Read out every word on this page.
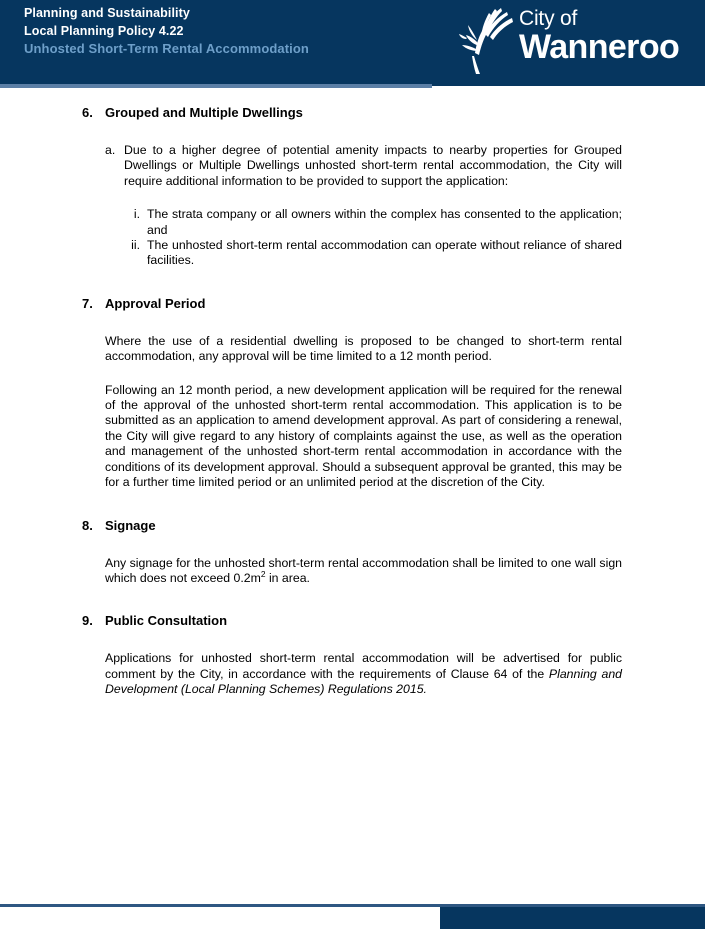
Planning and Sustainability
Local Planning Policy 4.22
Unhosted Short-Term Rental Accommodation
City of
Wanneroo
6. Grouped and Multiple Dwellings

a. Due to a higher degree of potential amenity impacts to nearby properties for Grouped Dwellings or Multiple Dwellings unhosted short-term rental accommodation, the City will require additional information to be provided to support the application:

i. The strata company or all owners within the complex has consented to the application; and

ii. The unhosted short-term rental accommodation can operate without reliance of shared facilities.

7. Approval Period

Where the use of a residential dwelling is proposed to be changed to short-term rental accommodation, any approval will be time limited to a 12 month period.

Following an 12 month period, a new development application will be required for the renewal of the approval of the unhosted short-term rental accommodation. This application is to be submitted as an application to amend development approval. As part of considering a renewal, the City will give regard to any history of complaints against the use, as well as the operation and management of the unhosted short-term rental accommodation in accordance with the conditions of its development approval. Should a subsequent approval be granted, this may be for a further time limited period or an unlimited period at the discretion of the City.

8. Signage

Any signage for the unhosted short-term rental accommodation shall be limited to one wall sign which does not exceed $0.2m^2$ in area.

9. Public Consultation

Applications for unhosted short-term rental accommodation will be advertised for public comment by the City, in accordance with the requirements of Clause 64 of the Planning and Development (Local Planning Schemes) Regulations 2015.
